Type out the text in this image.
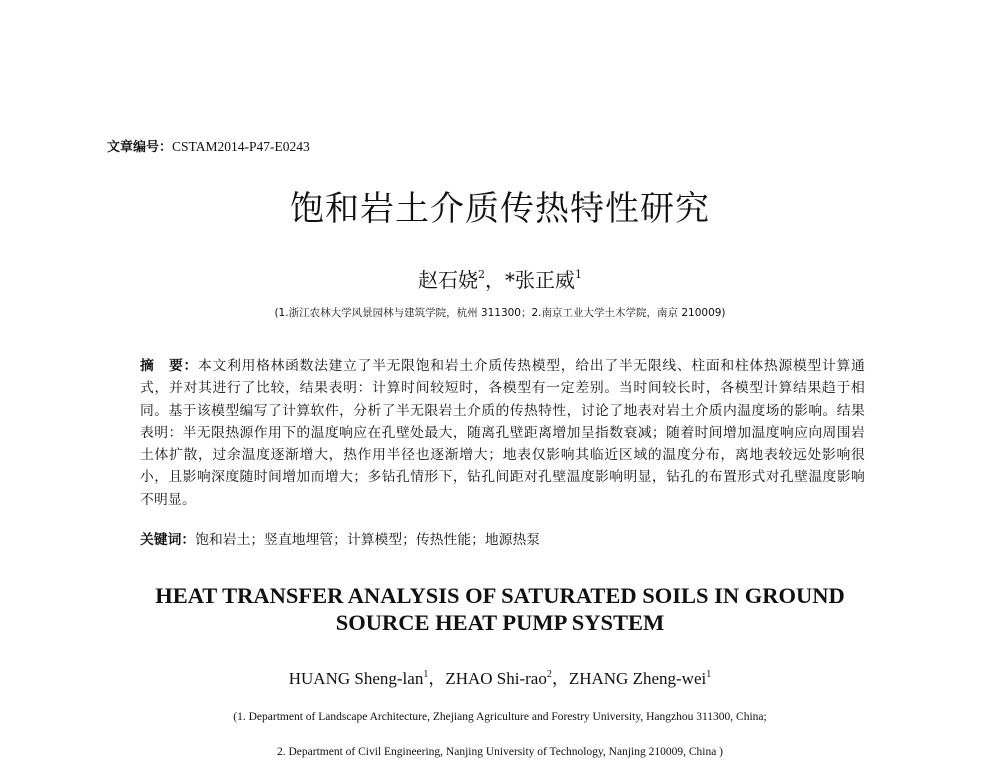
文章编号：CSTAM2014-P47-E0243
饱和岩土介质传热特性研究
赵石娆$^2$，*张正威$^1$
(1.浙江农林大学风景园林与建筑学院，杭州 311300；2.南京工业大学土木学院，南京 210009)
摘　要：本文利用格林函数法建立了半无限饱和岩土介质传热模型，给出了半无限线、柱面和柱体热源模型计算通式，并对其进行了比较，结果表明：计算时间较短时，各模型有一定差别。当时间较长时，各模型计算结果趋于相同。基于该模型编写了计算软件，分析了半无限岩土介质的传热特性，讨论了地表对岩土介质内温度场的影响。结果表明：半无限热源作用下的温度响应在孔壁处最大，随离孔壁距离增加呈指数衰减；随着时间增加温度响应向周围岩土体扩散，过余温度逐渐增大，热作用半径也逐渐增大；地表仅影响其临近区域的温度分布，离地表较远处影响很小，且影响深度随时间增加而增大；多钻孔情形下，钻孔间距对孔壁温度影响明显，钻孔的布置形式对孔壁温度影响不明显。
关键词：饱和岩土；竖直地埋管；计算模型；传热性能；地源热泵
HEAT TRANSFER ANALYSIS OF SATURATED SOILS IN GROUND
SOURCE HEAT PUMP SYSTEM
HUANG Sheng-lan$^1$，ZHAO Shi-rao$^2$，ZHANG Zheng-wei$^1$
(1. Department of Landscape Architecture, Zhejiang Agriculture and Forestry University, Hangzhou 311300, China;
2. Department of Civil Engineering, Nanjing University of Technology, Nanjing 210009, China )
